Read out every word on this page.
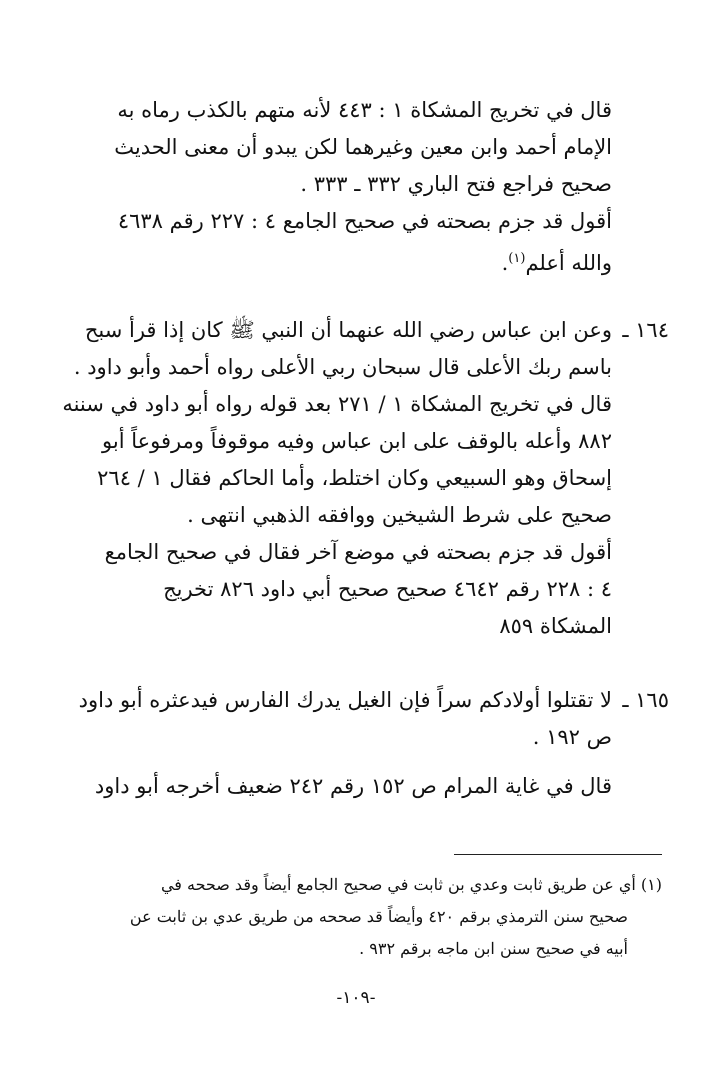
قال في تخريج المشكاة ١ : ٤٤٣ لأنه متهم بالكذب رماه به
الإمام أحمد وابن معين وغيرهما لكن يبدو أن معنى الحديث
صحيح فراجع فتح الباري ٣٣٢ ـ ٣٣٣ .
أقول قد جزم بصحته في صحيح الجامع ٤ : ٢٢٧ رقم ٤٦٣٨
والله أعلم$^{(١)}$.
١٦٤ ـ
وعن ابن عباس رضي الله عنهما أن النبي ﷺ كان إذا قرأ سبح
باسم ربك الأعلى قال سبحان ربي الأعلى رواه أحمد وأبو داود .
قال في تخريج المشكاة ١ / ٢٧١ بعد قوله رواه أبو داود في سننه
٨٨٢ وأعله بالوقف على ابن عباس وفيه موقوفاً ومرفوعاً أبو
إسحاق وهو السبيعي وكان اختلط، وأما الحاكم فقال ١ / ٢٦٤
صحيح على شرط الشيخين ووافقه الذهبي انتهى .
أقول قد جزم بصحته في موضع آخر فقال في صحيح الجامع
٤ : ٢٢٨ رقم ٤٦٤٢ صحيح صحيح أبي داود ٨٢٦ تخريج
المشكاة ٨٥٩
١٦٥ ـ
لا تقتلوا أولادكم سراً فإن الغيل يدرك الفارس فيدعثره أبو داود
ص ١٩٢ .
قال في غاية المرام ص ١٥٢ رقم ٢٤٢ ضعيف أخرجه أبو داود
(١) أي عن طريق ثابت وعدي بن ثابت في صحيح الجامع أيضاً وقد صححه في
صحيح سنن الترمذي برقم ٤٢٠ وأيضاً قد صححه من طريق عدي بن ثابت عن
أبيه في صحيح سنن ابن ماجه برقم ٩٣٢ .
-١٠٩-
